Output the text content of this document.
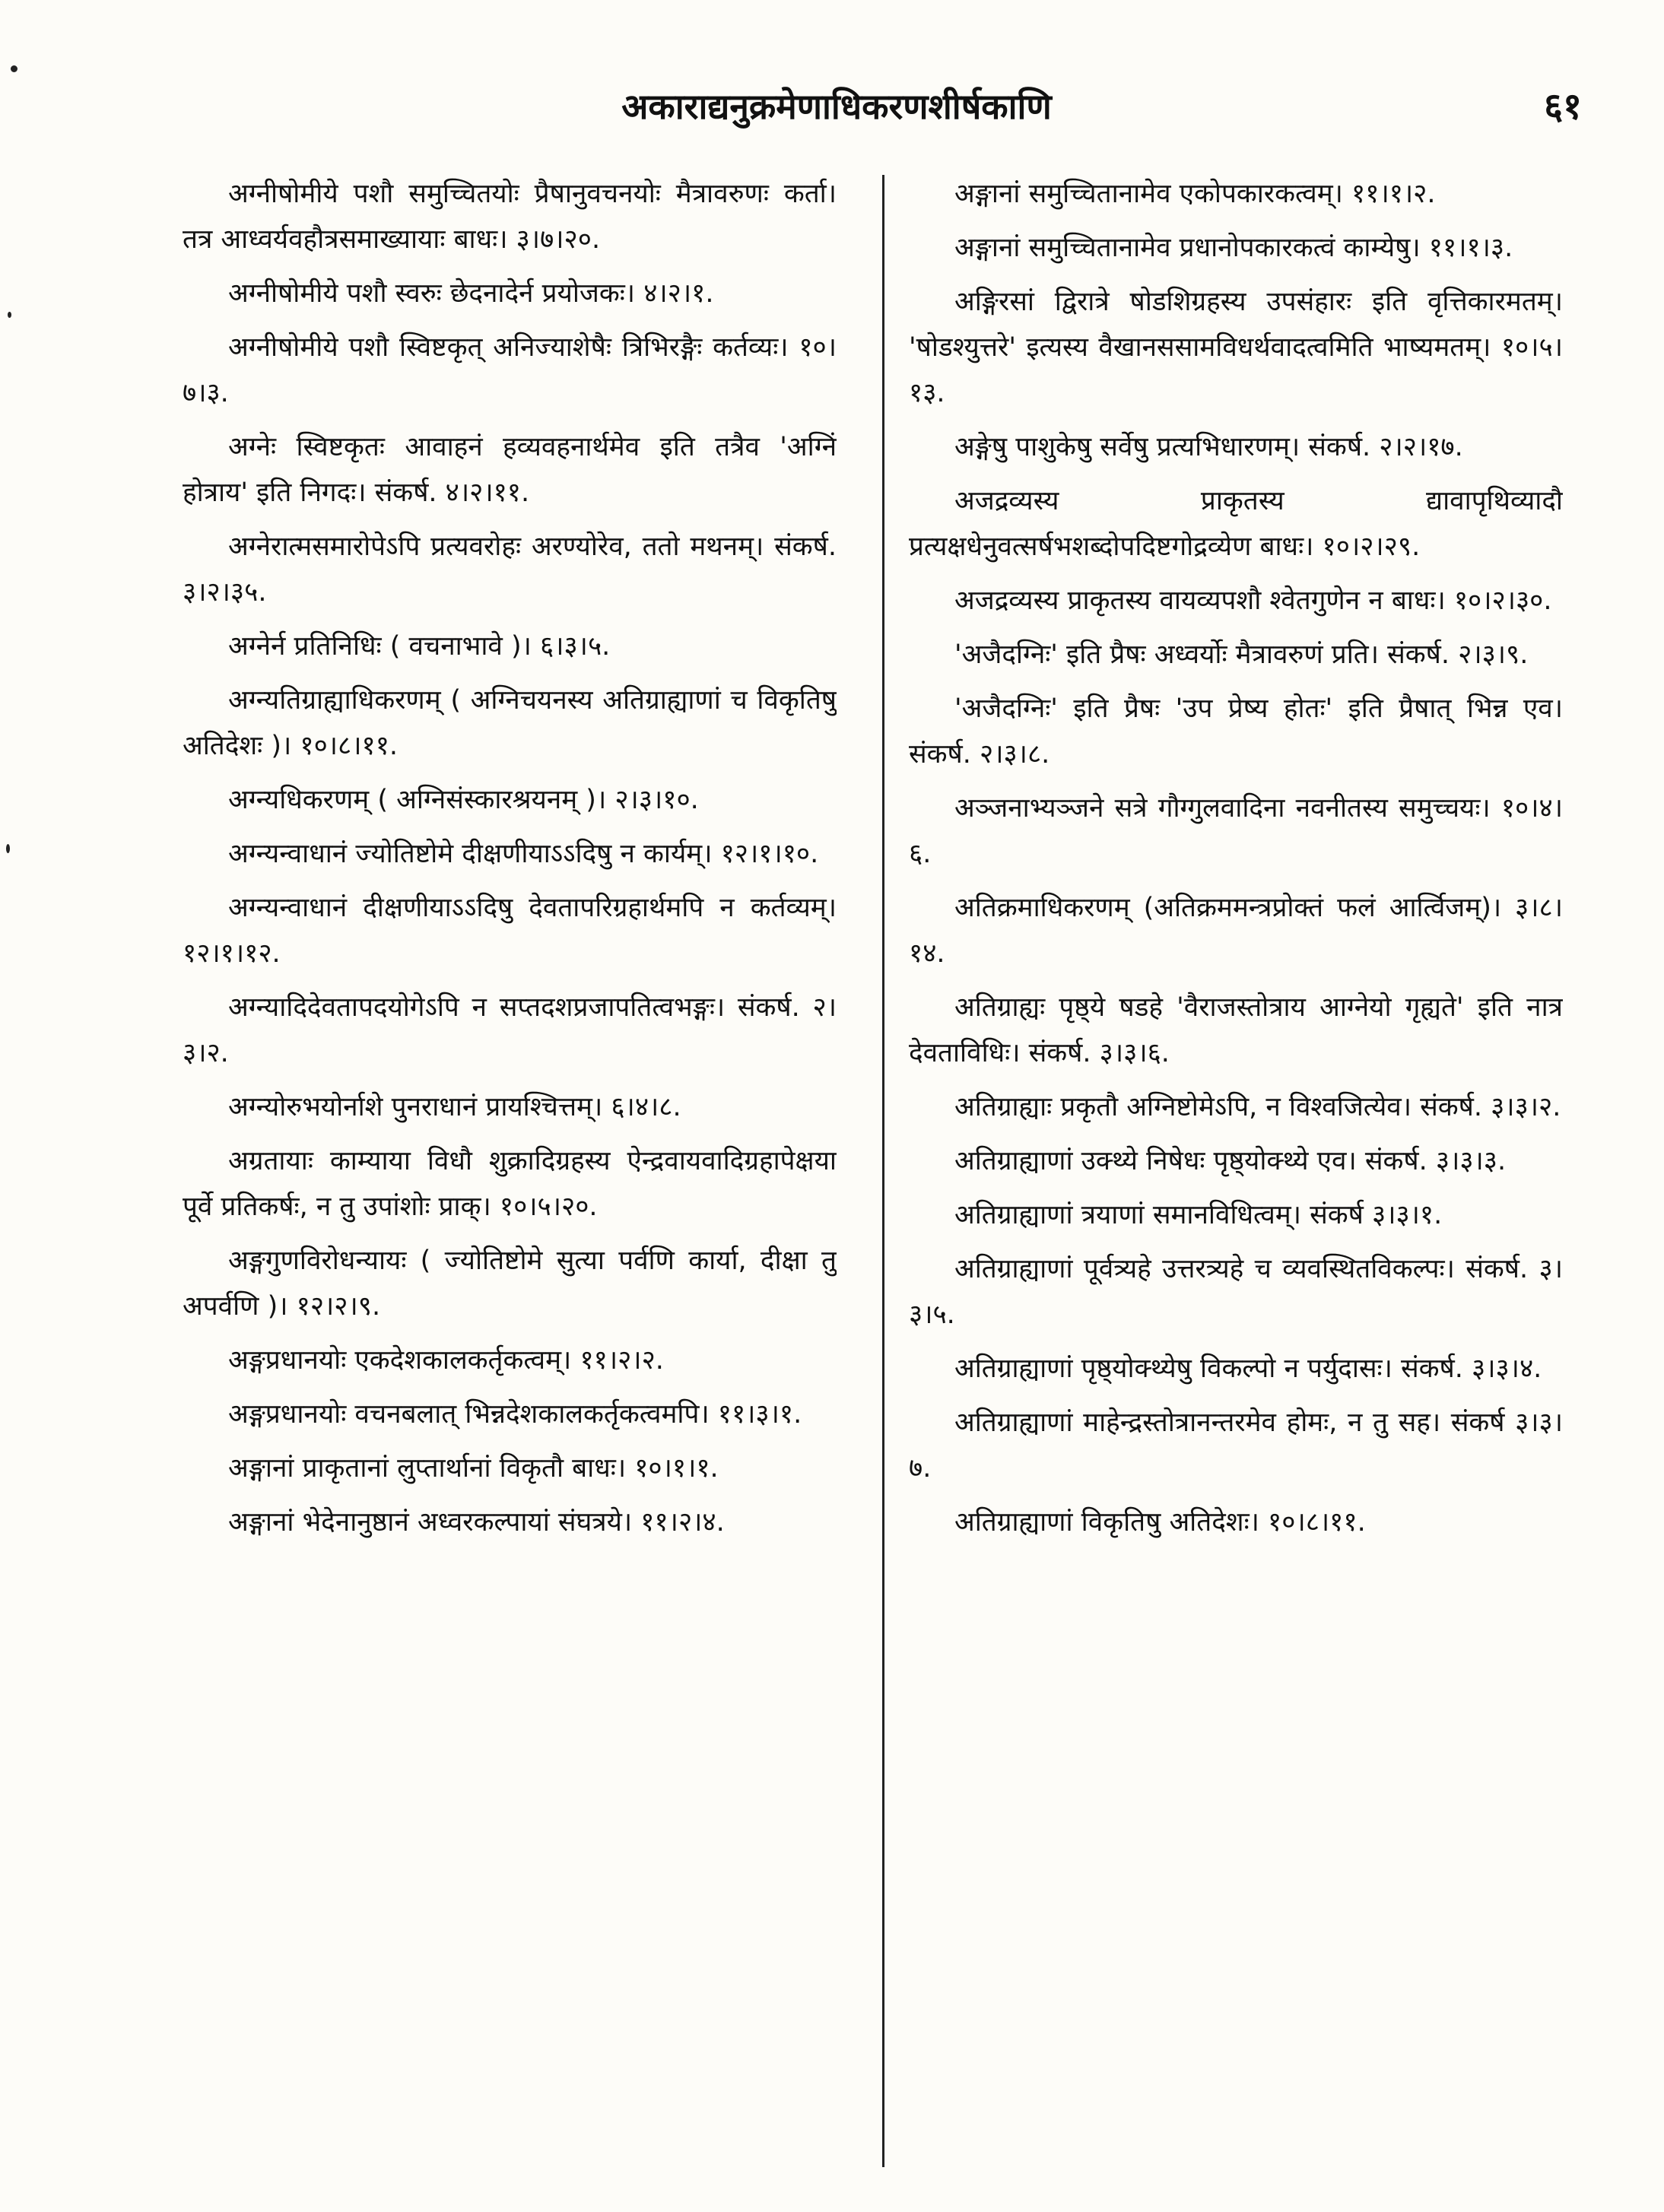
अकाराद्यनुक्रमेणाधिकरणशीर्षकाणि	६१

अग्नीषोमीये पशौ समुच्चितयोः प्रैषानुवचनयोः मैत्रावरुणः कर्ता। तत्र आध्वर्यवहौत्रसमाख्यायाः बाधः। ३।७।२०.

अग्नीषोमीये पशौ स्वरुः छेदनादेर्न प्रयोजकः। ४।२।१.

अग्नीषोमीये पशौ स्विष्टकृत् अनिज्याशेषैः त्रिभिरङ्गैः कर्तव्यः। १०।७।३.

अग्नेः स्विष्टकृतः आवाहनं हव्यवहनार्थमेव इति तत्रैव 'अग्निं होत्राय' इति निगदः। संकर्ष. ४।२।११.

अग्नेरात्मसमारोपेऽपि प्रत्यवरोहः अरण्योरेव, ततो मथनम्। संकर्ष. ३।२।३५.

अग्नेर्न प्रतिनिधिः ( वचनाभावे )। ६।३।५.

अग्न्यतिग्राह्याधिकरणम् ( अग्निचयनस्य अतिग्राह्याणां च विकृतिषु अतिदेशः )। १०।८।११.

अग्न्यधिकरणम् ( अग्निसंस्कारश्रयनम् )। २।३।१०.

अग्न्यन्वाधानं ज्योतिष्टोमे दीक्षणीयाऽऽदिषु न कार्यम्। १२।१।१०.

अग्न्यन्वाधानं दीक्षणीयाऽऽदिषु देवतापरिग्रहार्थमपि न कर्तव्यम्। १२।१।१२.

अग्न्यादिदेवतापदयोगेऽपि न सप्तदशप्रजापतित्वभङ्गः। संकर्ष. २।३।२.

अग्न्योरुभयोर्नाशे पुनराधानं प्रायश्चित्तम्। ६।४।८.

अग्रतायाः काम्याया विधौ शुक्रादिग्रहस्य ऐन्द्रवायवादिग्रहापेक्षया पूर्वे प्रतिकर्षः, न तु उपांशोः प्राक्। १०।५।२०.

अङ्गगुणविरोधन्यायः ( ज्योतिष्टोमे सुत्या पर्वणि कार्या, दीक्षा तु अपर्वणि )। १२।२।९.

अङ्गप्रधानयोः एकदेशकालकर्तृकत्वम्। ११।२।२.

अङ्गप्रधानयोः वचनबलात् भिन्नदेशकालकर्तृकत्वमपि। ११।३।१.

अङ्गानां प्राकृतानां लुप्तार्थानां विकृतौ बाधः। १०।१।१.

अङ्गानां भेदेनानुष्ठानं अध्वरकल्पायां संघत्रये। ११।२।४.

अङ्गानां समुच्चितानामेव एकोपकारकत्वम्। ११।१।२.

अङ्गानां समुच्चितानामेव प्रधानोपकारकत्वं काम्येषु। ११।१।३.

अङ्गिरसां द्विरात्रे षोडशिग्रहस्य उपसंहारः इति वृत्तिकारमतम्। 'षोडश्युत्तरे' इत्यस्य वैखानससामविधर्थवादत्वमिति भाष्यमतम्। १०।५।१३.

अङ्गेषु पाशुकेषु सर्वेषु प्रत्यभिधारणम्। संकर्ष. २।२।१७.

अजद्रव्यस्य प्राकृतस्य द्यावापृथिव्यादौ प्रत्यक्षधेनुवत्सर्षभशब्दोपदिष्टगोद्रव्येण बाधः। १०।२।२९.

अजद्रव्यस्य प्राकृतस्य वायव्यपशौ श्वेतगुणेन न बाधः। १०।२।३०.

'अजैदग्निः' इति प्रैषः अध्वर्योः मैत्रावरुणं प्रति। संकर्ष. २।३।९.

'अजैदग्निः' इति प्रैषः 'उप प्रेष्य होतः' इति प्रैषात् भिन्न एव। संकर्ष. २।३।८.

अञ्जनाभ्यञ्जने सत्रे गौग्गुलवादिना नवनीतस्य समुच्चयः। १०।४।६.

अतिक्रमाधिकरणम् (अतिक्रममन्त्रप्रोक्तं फलं आर्त्विजम्)। ३।८।१४.

अतिग्राह्यः पृष्ठ्ये षडहे 'वैराजस्तोत्राय आग्नेयो गृह्यते' इति नात्र देवताविधिः। संकर्ष. ३।३।६.

अतिग्राह्याः प्रकृतौ अग्निष्टोमेऽपि, न विश्वजित्येव। संकर्ष. ३।३।२.

अतिग्राह्याणां उक्थ्ये निषेधः पृष्ठ्योक्थ्ये एव। संकर्ष. ३।३।३.

अतिग्राह्याणां त्रयाणां समानविधित्वम्। संकर्ष ३।३।१.

अतिग्राह्याणां पूर्वत्र्यहे उत्तरत्र्यहे च व्यवस्थितविकल्पः। संकर्ष. ३।३।५.

अतिग्राह्याणां पृष्ठ्योक्थ्येषु विकल्पो न पर्युदासः। संकर्ष. ३।३।४.

अतिग्राह्याणां माहेन्द्रस्तोत्रानन्तरमेव होमः, न तु सह। संकर्ष ३।३।७.

अतिग्राह्याणां विकृतिषु अतिदेशः। १०।८।११.
